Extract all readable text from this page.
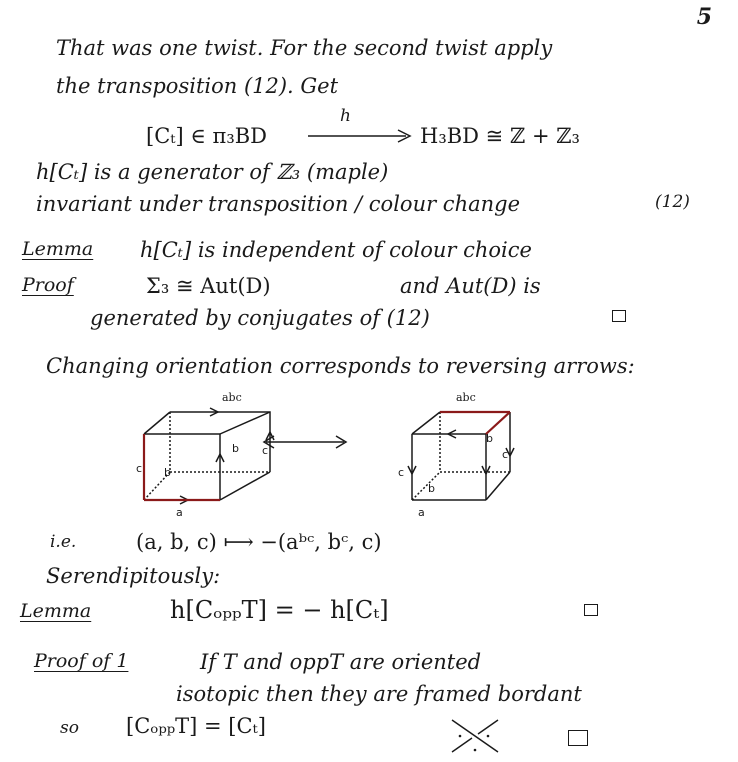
5
That was one twist. For the second twist apply
the transposition (12). Get
[Cₜ] ∈ π₃BD
h
H₃BD ≅ ℤ + ℤ₃
h[Cₜ] is a generator of ℤ₃ (maple)
invariant under transposition / colour change	(12)
Lemma h[Cₜ] is independent of colour choice
Proof	Σ₃ ≅ Aut(D)	and Aut(D) is
generated by conjugates of (12)
Changing orientation corresponds to reversing arrows:
c b
a
b c
abc
c
b
a
b
c
abc
i.e.	(a, b, c) ⟼ −(aᵇᶜ, bᶜ, c)
Serendipitously:
Lemma	h[CₒₚₚT] = − h[Cₜ]
Proof of 1	If T and oppT are oriented
isotopic then they are framed bordant
so [CₒₚₚT] = [Cₜ]
